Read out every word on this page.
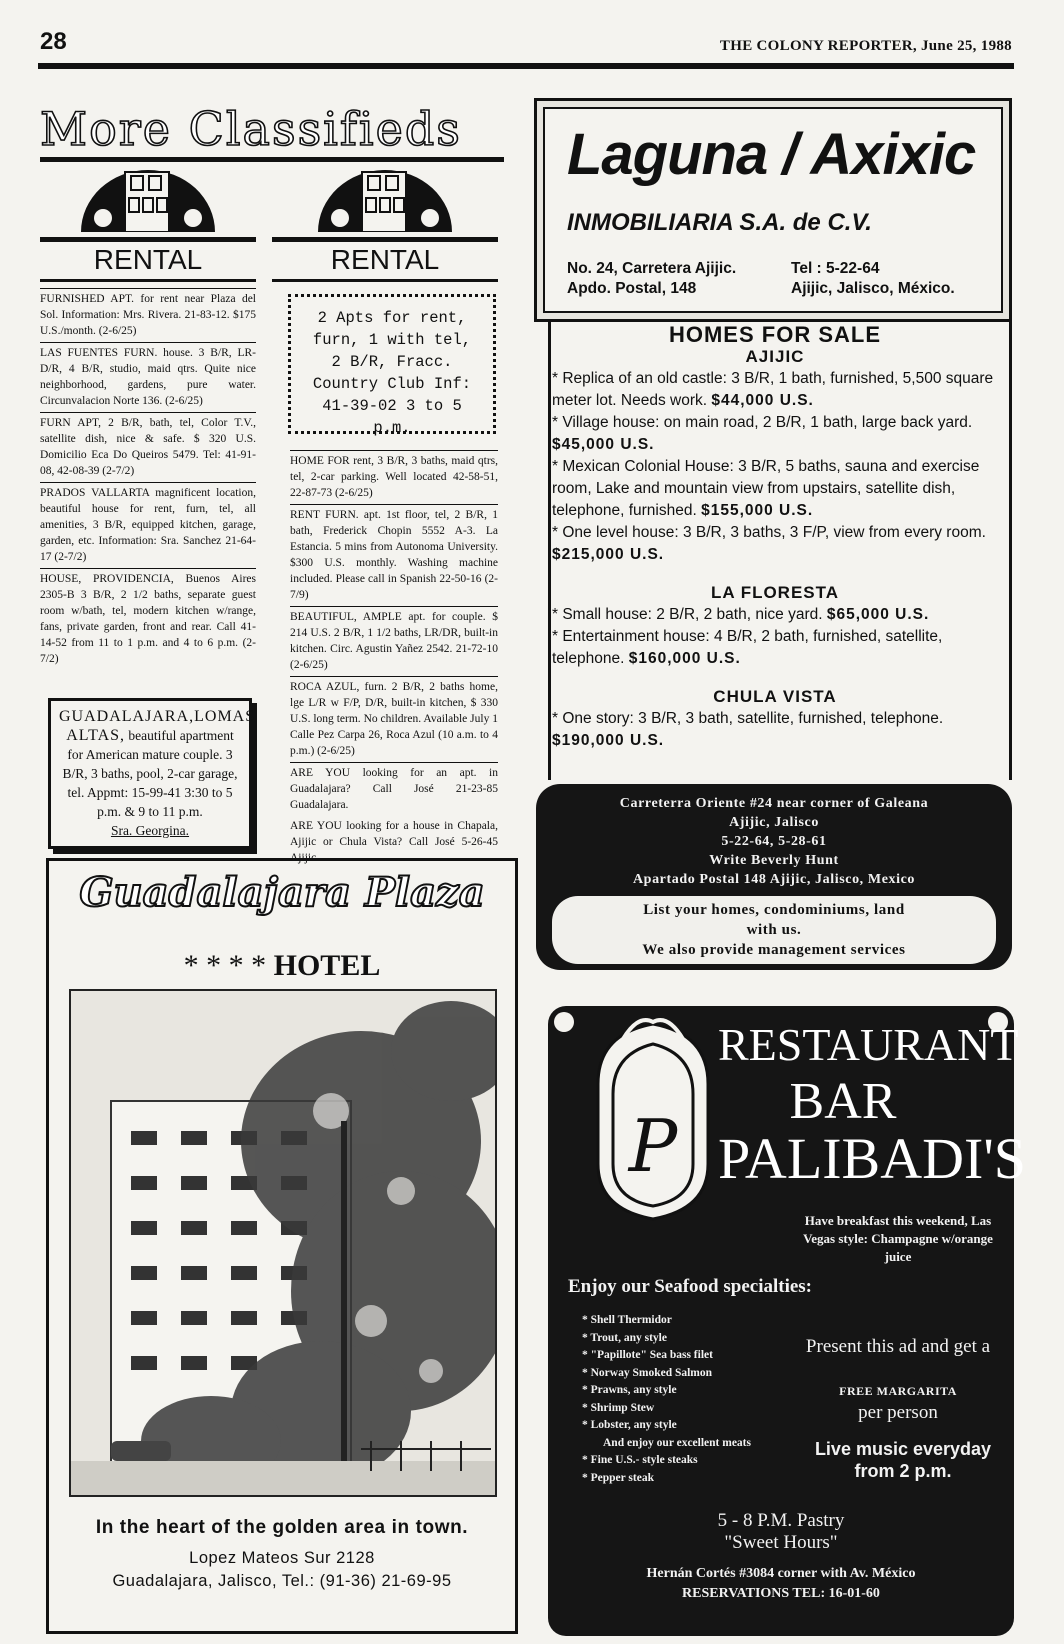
28	THE COLONY REPORTER, June 25, 1988
More Classifieds
RENTAL	RENTAL

FURNISHED APT. for rent near Plaza del Sol. Information: Mrs. Rivera. 21-83-12. $175 U.S./month. (2-6/25)

LAS FUENTES FURN. house. 3 B/R, LR-D/R, 4 B/R, studio, maid qtrs. Quite nice neighborhood, gardens, pure water. Circunvalacion Norte 136. (2-6/25)

FURN APT, 2 B/R, bath, tel, Color T.V., satellite dish, nice & safe. $ 320 U.S. Domicilio Eca Do Queiros 5479. Tel: 41-91-08, 42-08-39 (2-7/2)

PRADOS VALLARTA magnificent location, beautiful house for rent, furn, tel, all amenities, 3 B/R, equipped kitchen, garage, garden, etc. Information: Sra. Sanchez 21-64-17 (2-7/2)

HOUSE, PROVIDENCIA, Buenos Aires 2305-B 3 B/R, 2 1/2 baths, separate guest room w/bath, tel, modern kitchen w/range, fans, private garden, front and rear. Call 41-14-52 from 11 to 1 p.m. and 4 to 6 p.m. (2-7/2)

GUADALAJARA,LOMAS
ALTAS, beautiful apartment for American mature couple. 3 B/R, 3 baths, pool, 2-car garage, tel. Appmt: 15-99-41 3:30 to 5 p.m. & 9 to 11 p.m.
Sra. Georgina.
2 Apts for rent,
furn, 1 with tel,
2 B/R, Fracc.
Country Club Inf:
41-39-02 3 to 5
p.m.

HOME FOR rent, 3 B/R, 3 baths, maid qtrs, tel, 2-car parking. Well located 42-58-51, 22-87-73 (2-6/25)

RENT FURN. apt. 1st floor, tel, 2 B/R, 1 bath, Frederick Chopin 5552 A-3. La Estancia. 5 mins from Autonoma University. $300 U.S. monthly. Washing machine included. Please call in Spanish 22-50-16 (2-7/9)

BEAUTIFUL, AMPLE apt. for couple. $ 214 U.S. 2 B/R, 1 1/2 baths, LR/DR, built-in kitchen. Circ. Agustin Yañez 2542. 21-72-10 (2-6/25)

ROCA AZUL, furn. 2 B/R, 2 baths home, lge L/R w F/P, D/R, built-in kitchen, $ 330 U.S. long term. No children. Available July 1 Calle Pez Carpa 26, Roca Azul (10 a.m. to 4 p.m.) (2-6/25)

ARE YOU looking for an apt. in Guadalajara? Call José 21-23-85 Guadalajara.

ARE YOU looking for a house in Chapala, Ajijic or Chula Vista? Call José 5-26-45 Ajijic.

Guadalajara Plaza
* * * * HOTEL
In the heart of the golden area in town.
Lopez Mateos Sur 2128
Guadalajara, Jalisco, Tel.: (91-36) 21-69-95
Laguna / Axixic
INMOBILIARIA S.A. de C.V.
No. 24, Carretera Ajijic.
Apdo. Postal, 148
Tel : 5-22-64
Ajijic, Jalisco, México.
HOMES FOR SALE
AJIJIC

* Replica of an old castle: 3 B/R, 1 bath, furnished, 5,500 square meter lot. Needs work. $44,000 U.S.

* Village house: on main road, 2 B/R, 1 bath, large back yard. $45,000 U.S.

* Mexican Colonial House: 3 B/R, 5 baths, sauna and exercise room, Lake and mountain view from upstairs, satellite dish, telephone, furnished. $155,000 U.S.

* One level house: 3 B/R, 3 baths, 3 F/P, view from every room. $215,000 U.S.

LA FLORESTA

* Small house: 2 B/R, 2 bath, nice yard. $65,000 U.S.

* Entertainment house: 4 B/R, 2 bath, furnished, satellite, telephone. $160,000 U.S.

CHULA VISTA

* One story: 3 B/R, 3 bath, satellite, furnished, telephone. $190,000 U.S.

Carreterra Oriente #24 near corner of Galeana
Ajijic, Jalisco
5-22-64, 5-28-61
Write Beverly Hunt
Apartado Postal 148 Ajijic, Jalisco, Mexico
List your homes, condominiums, land
with us.
We also provide management services
P
RESTAURANT
BAR
PALIBADI'S
Have breakfast this weekend, Las Vegas style: Champagne w/orange juice
Enjoy our Seafood specialties:
* Shell Thermidor
* Trout, any style
* "Papillote" Sea bass filet
* Norway Smoked Salmon
* Prawns, any style
* Shrimp Stew
* Lobster, any style
And enjoy our excellent meats
* Fine U.S.- style steaks
* Pepper steak
Present this ad and get a
FREE MARGARITA
per person
Live music everyday from 2 p.m.
5 - 8 P.M. Pastry
"Sweet Hours"
Hernán Cortés #3084 corner with Av. México
RESERVATIONS TEL: 16-01-60
